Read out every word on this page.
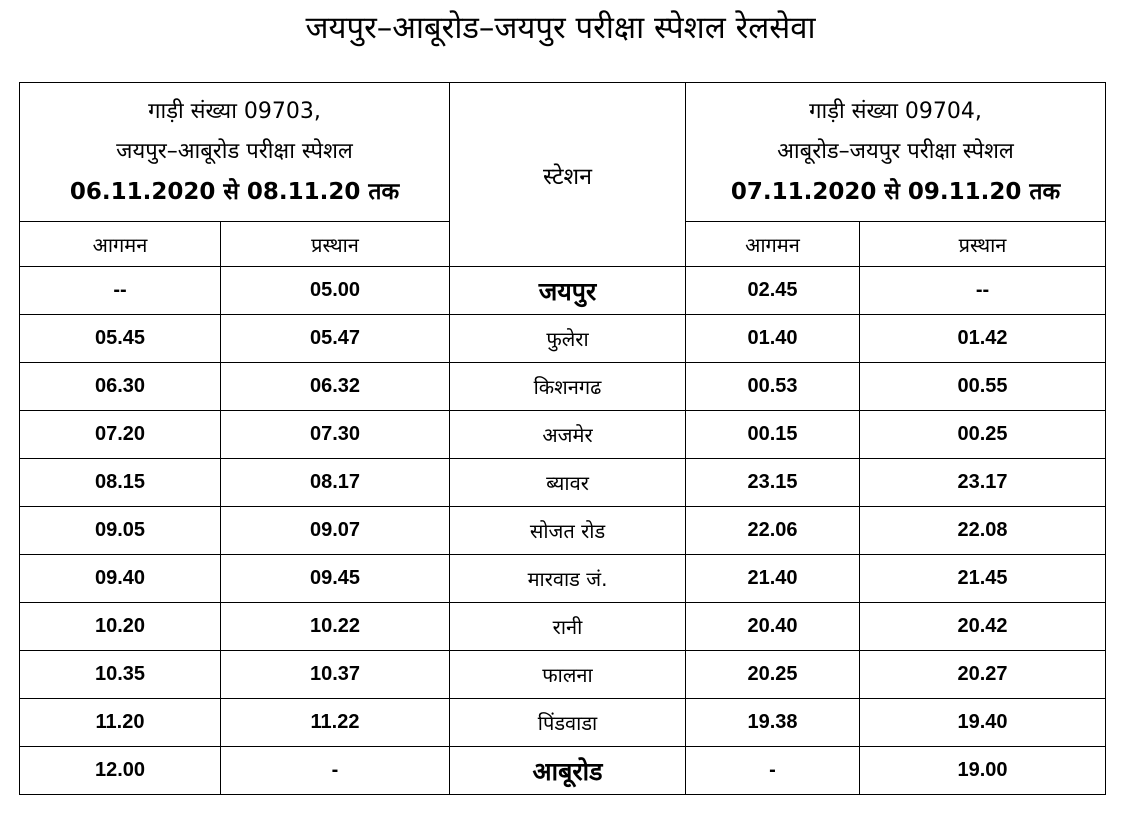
जयपुर–आबूरोड–जयपुर परीक्षा स्पेशल रेलसेवा
गाड़ी संख्या 09703,
जयपुर–आबूरोड परीक्षा स्पेशल
06.11.2020 से 08.11.20 तक		स्टेशन	गाड़ी संख्या 09704,
आबूरोड–जयपुर परीक्षा स्पेशल
07.11.2020 से 09.11.20 तक	

आगमन	प्रस्थान		आगमन	प्रस्थान
--	05.00	जयपुर	02.45	--
05.45	05.47	फुलेरा	01.40	01.42
06.30	06.32	किशनगढ	00.53	00.55
07.20	07.30	अजमेर	00.15	00.25
08.15	08.17	ब्यावर	23.15	23.17
09.05	09.07	सोजत रोड	22.06	22.08
09.40	09.45	मारवाड जं.	21.40	21.45
10.20	10.22	रानी	20.40	20.42
10.35	10.37	फालना	20.25	20.27
11.20	11.22	पिंडवाडा	19.38	19.40
12.00	-	आबूरोड	-	19.00
